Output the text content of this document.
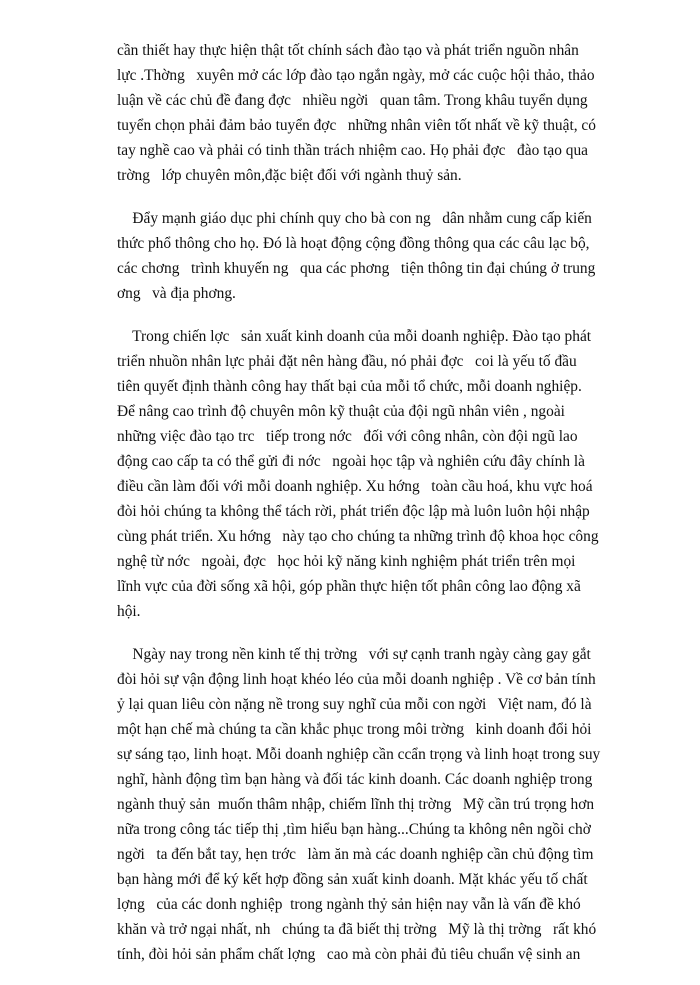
cần thiết hay thực hiện thật tốt chính sách đào tạo và phát triển nguồn nhân
lực .Thờng   xuyên mở các lớp đào tạo ngắn ngày, mở các cuộc hội thảo, thảo
luận về các chủ đề đang đợc   nhiều ngời   quan tâm. Trong khâu tuyển dụng
tuyển chọn phải đảm bảo tuyển đợc   những nhân viên tốt nhất về kỹ thuật, có
tay nghề cao và phải có tinh thần trách nhiệm cao. Họ phải đợc   đào tạo qua
trờng   lớp chuyên môn,đặc biệt đối với ngành thuỷ sản.
Đẩy mạnh giáo dục phi chính quy cho bà con ng   dân nhằm cung cấp kiến
thức phổ thông cho họ. Đó là hoạt động cộng đồng thông qua các câu lạc bộ,
các chơng   trình khuyến ng   qua các phơng   tiện thông tin đại chúng ở trung
ơng   và địa phơng.
Trong chiến lợc   sản xuất kinh doanh của mỗi doanh nghiệp. Đào tạo phát
triển nhuồn nhân lực phải đặt nên hàng đầu, nó phải đợc   coi là yếu tố đầu
tiên quyết định thành công hay thất bại của mỗi tổ chức, mỗi doanh nghiệp.
Để nâng cao trình độ chuyên môn kỹ thuật của đội ngũ nhân viên , ngoài
những việc đào tạo trc   tiếp trong nớc   đối với công nhân, còn đội ngũ lao
động cao cấp ta có thể gửi đi nớc   ngoài học tập và nghiên cứu đây chính là
điều cần làm đối với mỗi doanh nghiệp. Xu hớng   toàn cầu hoá, khu vực hoá
đòi hỏi chúng ta không thể tách rời, phát triển độc lập mà luôn luôn hội nhập
cùng phát triển. Xu hớng   này tạo cho chúng ta những trình độ khoa học công
nghệ từ nớc   ngoài, đợc   học hỏi kỹ năng kinh nghiệm phát triển trên mọi
lĩnh vực của đời sống xã hội, góp phần thực hiện tốt phân công lao động xã
hội.
Ngày nay trong nền kinh tế thị trờng   với sự cạnh tranh ngày càng gay gắt
đòi hỏi sự vận động linh hoạt khéo léo của mỗi doanh nghiệp . Về cơ bản tính
ỷ lại quan liêu còn nặng nề trong suy nghĩ của mỗi con ngời   Việt nam, đó là
một hạn chế mà chúng ta cần khắc phục trong môi trờng   kinh doanh đổi hỏi
sự sáng tạo, linh hoạt. Mỗi doanh nghiệp cần ccẩn trọng và linh hoạt trong suy
nghĩ, hành động tìm bạn hàng và đối tác kinh doanh. Các doanh nghiệp trong
ngành thuỷ sản  muốn thâm nhập, chiếm lĩnh thị trờng   Mỹ cần trú trọng hơn
nữa trong công tác tiếp thị ,tìm hiểu bạn hàng...Chúng ta không nên ngồi chờ
ngời   ta đến bắt tay, hẹn trớc   làm ăn mà các doanh nghiệp cần chủ động tìm
bạn hàng mới để ký kết hợp đồng sản xuất kinh doanh. Mặt khác yếu tố chất
lợng   của các donh nghiệp  trong ngành thỷ sản hiện nay vẫn là vấn đề khó
khăn và trở ngại nhất, nh   chúng ta đã biết thị trờng   Mỹ là thị trờng   rất khó
tính, đòi hỏi sản phẩm chất lợng   cao mà còn phải đủ tiêu chuẩn vệ sinh an
